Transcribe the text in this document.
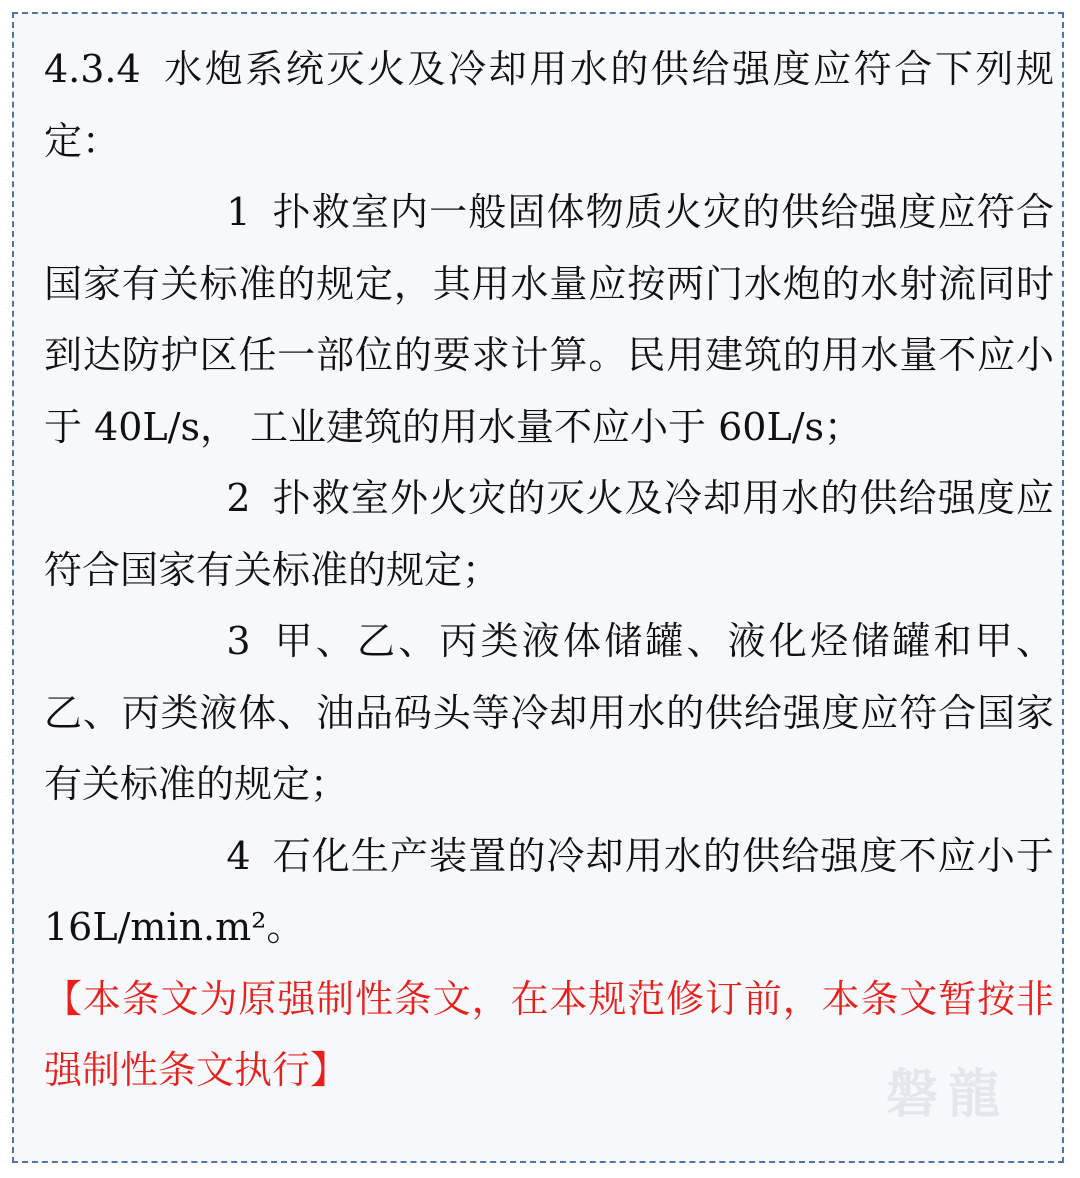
4.3.4 水炮系统灭火及冷却用水的供给强度应符合下列规定：

1 扑救室内一般固体物质火灾的供给强度应符合国家有关标准的规定，其用水量应按两门水炮的水射流同时到达防护区任一部位的要求计算。民用建筑的用水量不应小于 40L/s， 工业建筑的用水量不应小于 60L/s；

2 扑救室外火灾的灭火及冷却用水的供给强度应符合国家有关标准的规定；

3 甲、乙、丙类液体储罐、液化烃储罐和甲、乙、丙类液体、油品码头等冷却用水的供给强度应符合国家有关标准的规定；

4 石化生产装置的冷却用水的供给强度不应小于 16L/min.m²。

【本条文为原强制性条文，在本规范修订前，本条文暂按非强制性条文执行】	磐龍
